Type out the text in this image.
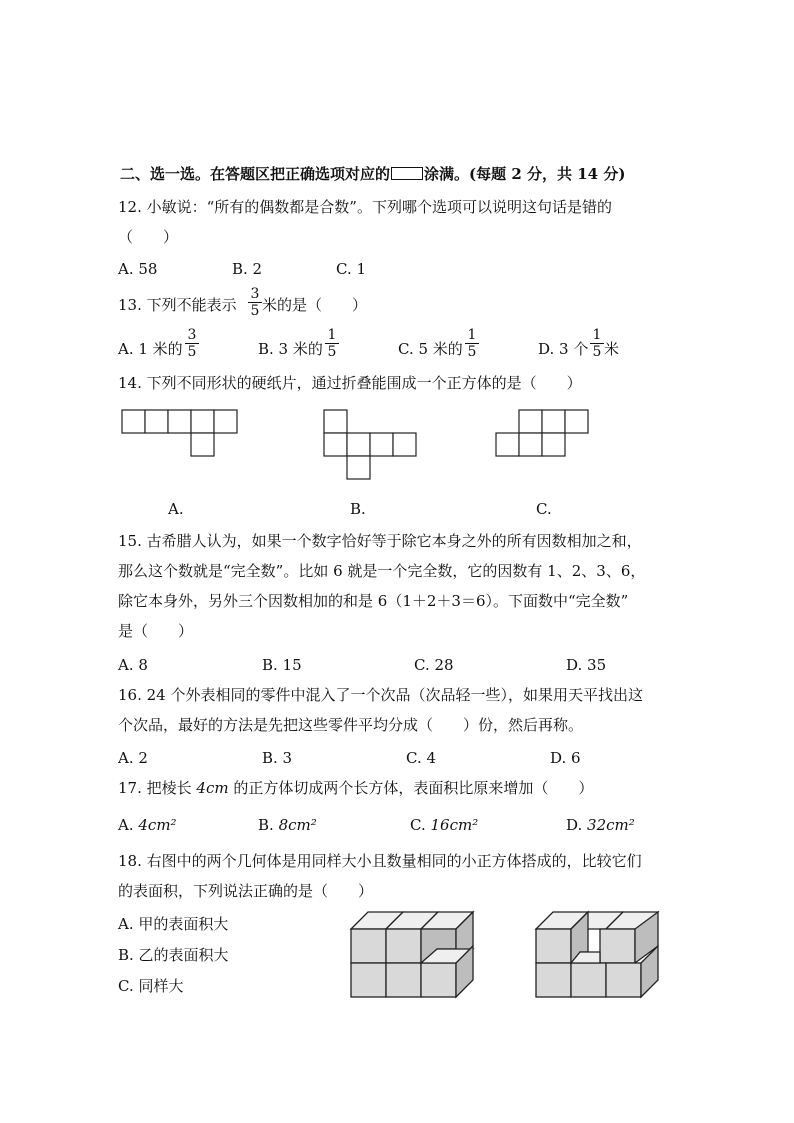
二、选一选。在答题区把正确选项对应的 涂满。(每题 2 分，共 14 分)
12. 小敏说：“所有的偶数都是合数”。下列哪个选项可以说明这句话是错的
（　　）
A. 58	B. 2	C. 1
13. 下列不能表示
3
5 米的是（　　）
A. 1 米的
3
5	B. 3 米的
1
5	C. 5 米的
1
5	D. 3 个
1
5 米
14. 下列不同形状的硬纸片，通过折叠能围成一个正方体的是（　　）
A.	B.	C.
15. 古希腊人认为，如果一个数字恰好等于除它本身之外的所有因数相加之和，
那么这个数就是“完全数”。比如 6 就是一个完全数，它的因数有 1、2、3、6，
除它本身外，另外三个因数相加的和是 6（1＋2＋3＝6）。下面数中“完全数”
是（　　）
A. 8	B. 15	C. 28	D. 35
16. 24 个外表相同的零件中混入了一个次品（次品轻一些），如果用天平找出这
个次品，最好的方法是先把这些零件平均分成（　　）份，然后再称。
A. 2	B. 3	C. 4	D. 6
17. 把棱长 4cm 的正方体切成两个长方体，表面积比原来增加（　　）
A. 4cm²	B. 8cm²	C. 16cm²	D. 32cm²
18. 右图中的两个几何体是用同样大小且数量相同的小正方体搭成的，比较它们
的表面积，下列说法正确的是（　　）
A. 甲的表面积大
B. 乙的表面积大
C. 同样大
